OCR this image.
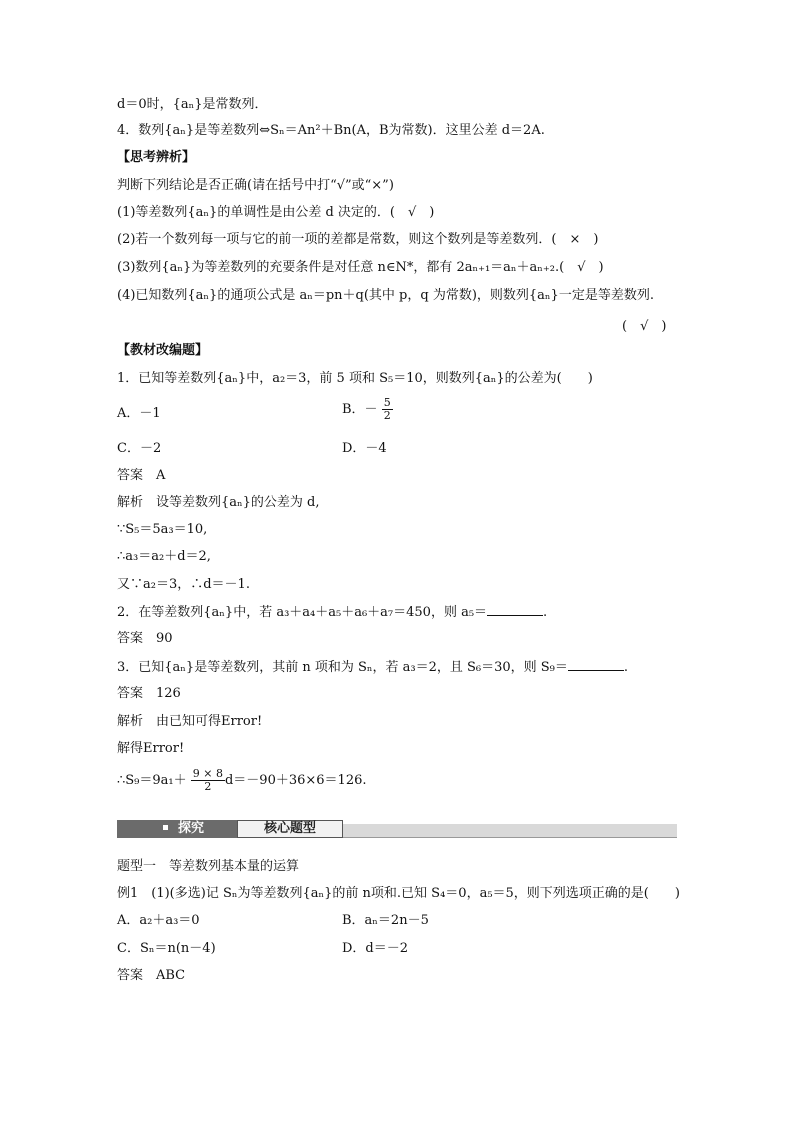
d＝0时，{aₙ}是常数列．
4．数列{aₙ}是等差数列⇔Sₙ＝An²＋Bn(A，B为常数)．这里公差 d＝2A.
【思考辨析】
判断下列结论是否正确(请在括号中打“√”或“×”)
(1)等差数列{aₙ}的单调性是由公差 d 决定的．(　√　)
(2)若一个数列每一项与它的前一项的差都是常数，则这个数列是等差数列．(　×　)
(3)数列{aₙ}为等差数列的充要条件是对任意 n∈N*，都有 2aₙ₊₁＝aₙ＋aₙ₊₂.(　√　)
(4)已知数列{aₙ}的通项公式是 aₙ＝pn＋q(其中 p，q 为常数)，则数列{aₙ}一定是等差数列.
(　√　)
【教材改编题】
1．已知等差数列{aₙ}中，a₂＝3，前 5 项和 S₅＝10，则数列{aₙ}的公差为(　　)
A．－1	B．－ $\frac{5}{2}$
C．－2	D．－4
答案　A
解析　设等差数列{aₙ}的公差为 d,
∵S₅＝5a₃＝10,
∴a₃＝a₂＋d＝2,
又∵a₂＝3，∴d＝－1.
2．在等差数列{aₙ}中，若 a₃＋a₄＋a₅＋a₆＋a₇＝450，则 a₅＝	.
答案　90
3．已知{aₙ}是等差数列，其前 n 项和为 Sₙ，若 a₃＝2，且 S₆＝30，则 S₉＝	.
答案　126
解析　由已知可得Error!
解得Error!
∴S₉＝9a₁＋ $\frac{9 \times 8}{2} d=-90+36\times 6=126$.
探究	核心题型
题型一　等差数列基本量的运算
例1　(1)(多选)记 Sₙ为等差数列{aₙ}的前 n项和.已知 S₄＝0，a₅＝5，则下列选项正确的是(　　)
A．a₂＋a₃＝0	B．aₙ＝2n－5
C．Sₙ＝n(n－4)	D．d＝－2
答案　ABC
